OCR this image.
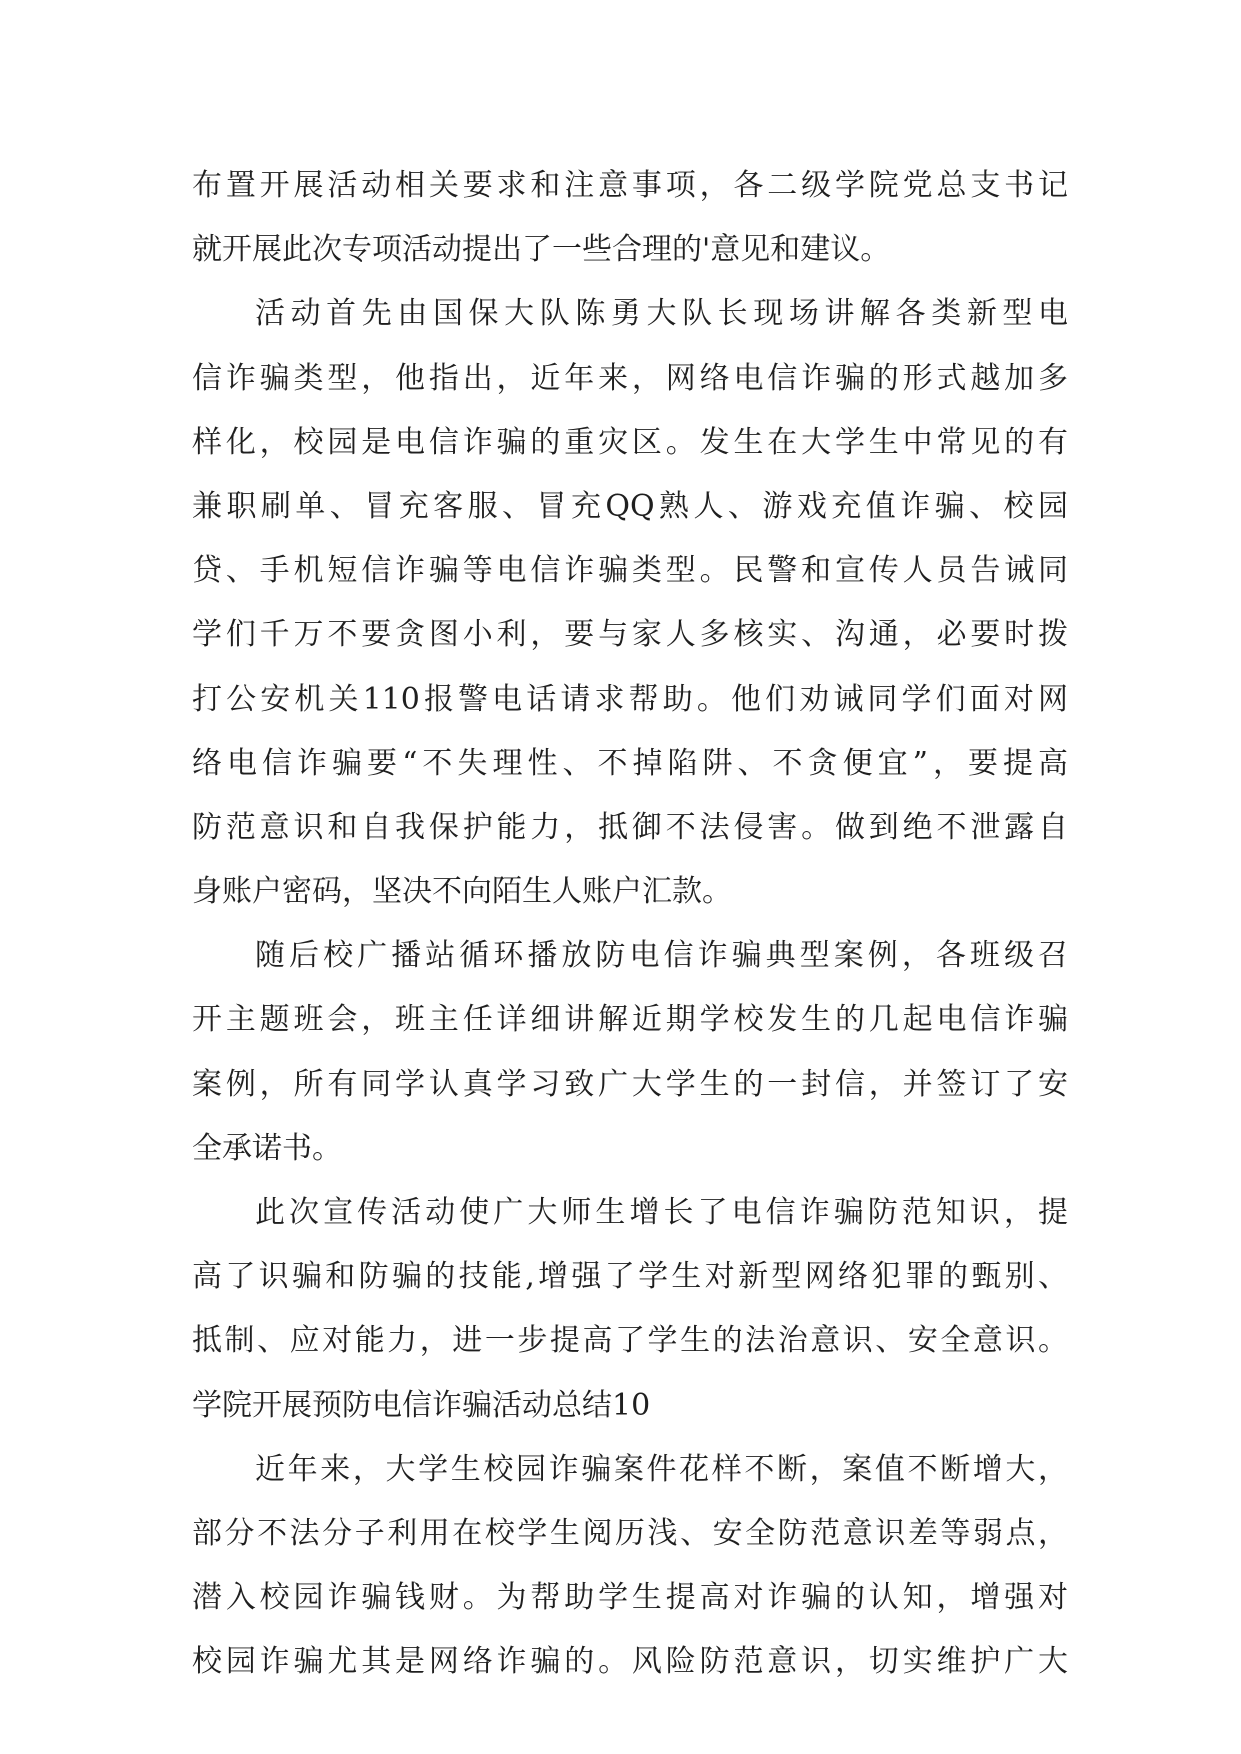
布置开展活动相关要求和注意事项，各二级学院党总支书记
就开展此次专项活动提出了一些合理的'意见和建议。
活动首先由国保大队陈勇大队长现场讲解各类新型电
信诈骗类型，他指出，近年来，网络电信诈骗的形式越加多
样化，校园是电信诈骗的重灾区。发生在大学生中常见的有
兼职刷单、冒充客服、冒充QQ熟人、游戏充值诈骗、校园
贷、手机短信诈骗等电信诈骗类型。民警和宣传人员告诫同
学们千万不要贪图小利，要与家人多核实、沟通，必要时拨
打公安机关110报警电话请求帮助。他们劝诫同学们面对网
络电信诈骗要“不失理性、不掉陷阱、不贪便宜”，要提高
防范意识和自我保护能力，抵御不法侵害。做到绝不泄露自
身账户密码，坚决不向陌生人账户汇款。
随后校广播站循环播放防电信诈骗典型案例，各班级召
开主题班会，班主任详细讲解近期学校发生的几起电信诈骗
案例，所有同学认真学习致广大学生的一封信，并签订了安
全承诺书。
此次宣传活动使广大师生增长了电信诈骗防范知识，提
高了识骗和防骗的技能,增强了学生对新型网络犯罪的甄别、
抵制、应对能力，进一步提高了学生的法治意识、安全意识。
学院开展预防电信诈骗活动总结10
近年来，大学生校园诈骗案件花样不断，案值不断增大，
部分不法分子利用在校学生阅历浅、安全防范意识差等弱点，
潜入校园诈骗钱财。为帮助学生提高对诈骗的认知，增强对
校园诈骗尤其是网络诈骗的。风险防范意识，切实维护广大
